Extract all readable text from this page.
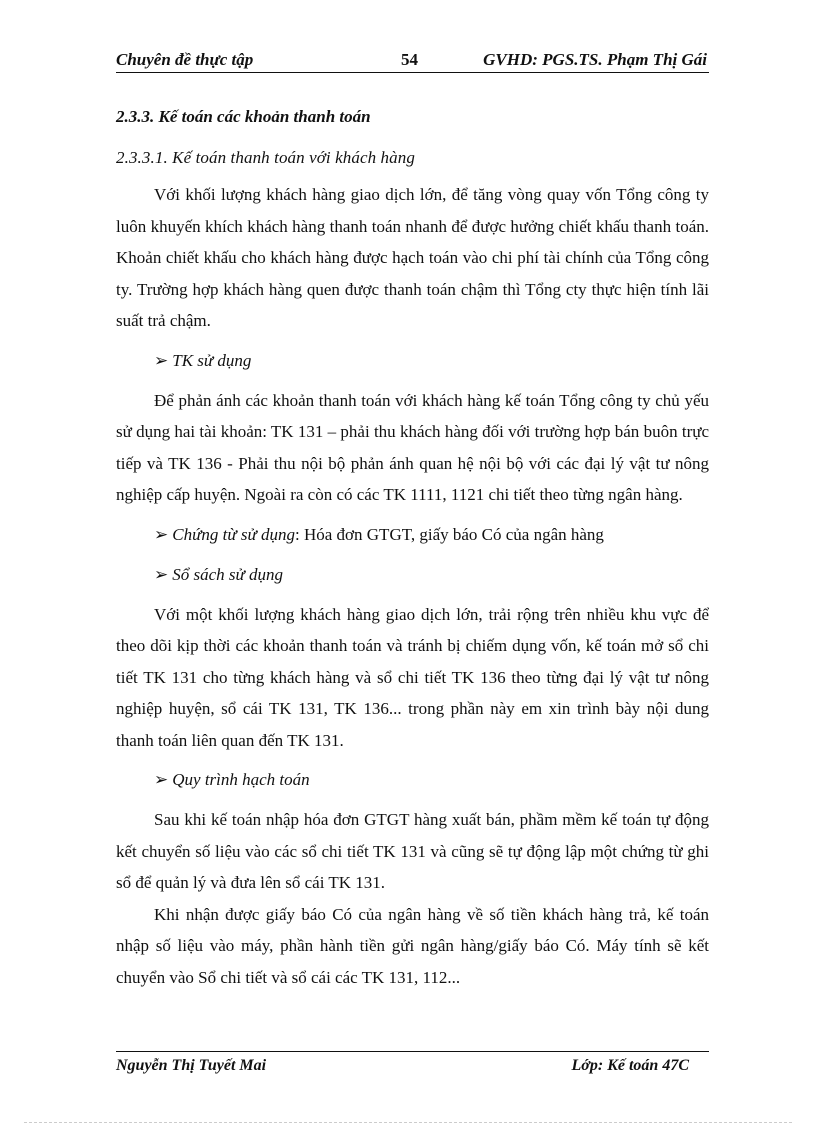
Chuyên đề thực tập	54	GVHD: PGS.TS. Phạm Thị Gái
2.3.3. Kế toán các khoản thanh toán
2.3.3.1. Kế toán thanh toán với khách hàng

Với khối lượng khách hàng giao dịch lớn, để tăng vòng quay vốn Tổng công ty luôn khuyến khích khách hàng thanh toán nhanh để được hưởng chiết khấu thanh toán. Khoản chiết khấu cho khách hàng được hạch toán vào chi phí tài chính của Tổng công ty. Trường hợp khách hàng quen được thanh toán chậm thì Tổng cty thực hiện tính lãi suất trả chậm.

➢ TK sử dụng

Để phản ánh các khoản thanh toán với khách hàng kế toán Tổng công ty chủ yếu sử dụng hai tài khoản: TK 131 – phải thu khách hàng đối với trường hợp bán buôn trực tiếp và TK 136 - Phải thu nội bộ phản ánh quan hệ nội bộ với các đại lý vật tư nông nghiệp cấp huyện. Ngoài ra còn có các TK 1111, 1121 chi tiết theo từng ngân hàng.

➢ Chứng từ sử dụng: Hóa đơn GTGT, giấy báo Có của ngân hàng
➢ Sổ sách sử dụng

Với một khối lượng khách hàng giao dịch lớn, trải rộng trên nhiều khu vực để theo dõi kịp thời các khoản thanh toán và tránh bị chiếm dụng vốn, kế toán mở sổ chi tiết TK 131 cho từng khách hàng và sổ chi tiết TK 136 theo từng đại lý vật tư nông nghiệp huyện, sổ cái TK 131, TK 136... trong phần này em xin trình bày nội dung thanh toán liên quan đến TK 131.

➢ Quy trình hạch toán

Sau khi kế toán nhập hóa đơn GTGT hàng xuất bán, phầm mềm kế toán tự động kết chuyển số liệu vào các sổ chi tiết TK 131 và cũng sẽ tự động lập một chứng từ ghi sổ để quản lý và đưa lên sổ cái TK 131.

Khi nhận được giấy báo Có của ngân hàng về số tiền khách hàng trả, kế toán nhập số liệu vào máy, phần hành tiền gửi ngân hàng/giấy báo Có. Máy tính sẽ kết chuyển vào Sổ chi tiết và sổ cái các TK 131, 112...

Nguyễn Thị Tuyết Mai	Lớp: Kế toán 47C
